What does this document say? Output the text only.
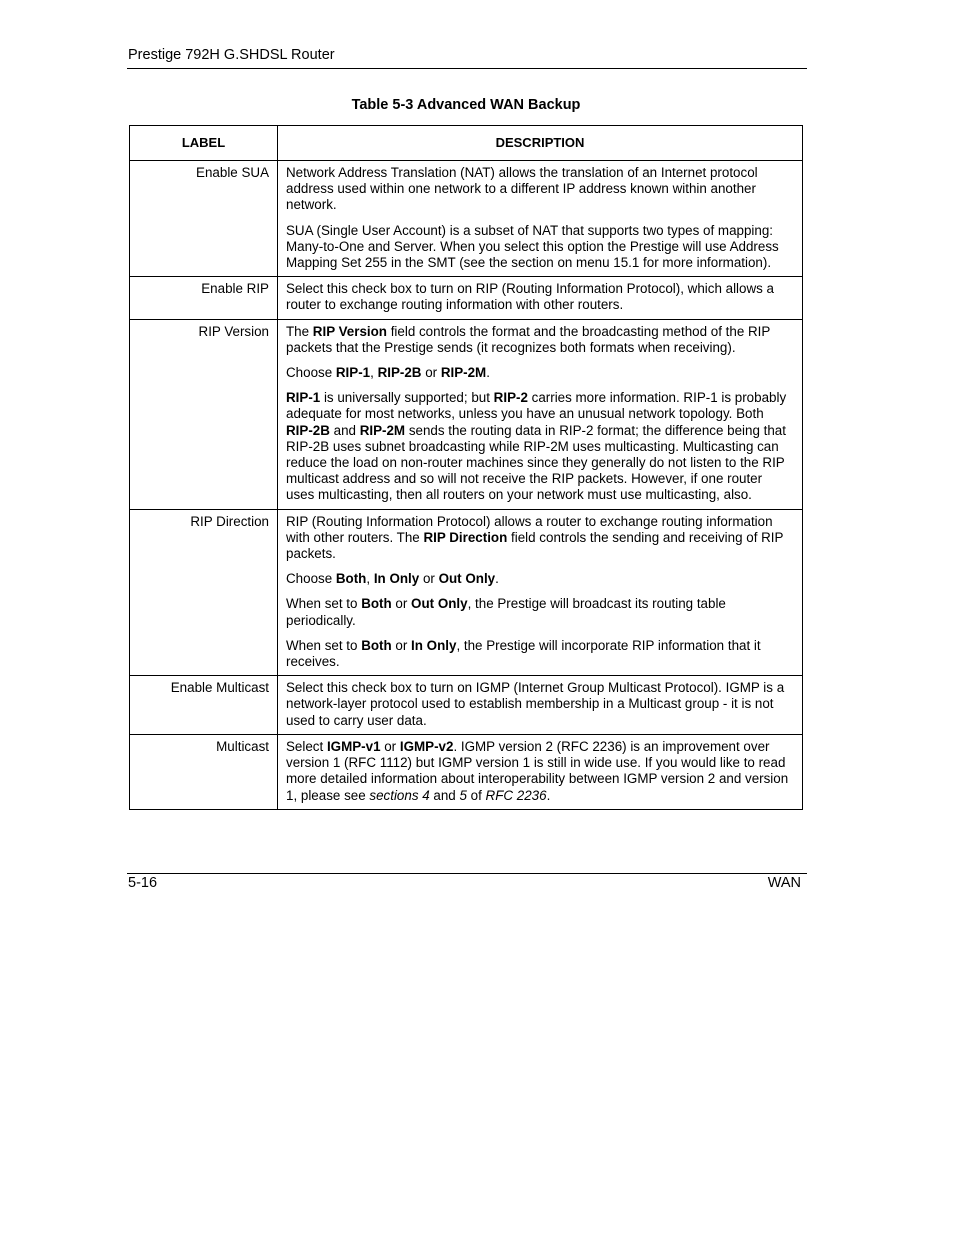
Prestige 792H G.SHDSL Router
Table 5-3 Advanced WAN Backup
LABEL	DESCRIPTION
Enable SUA	Network Address Translation (NAT) allows the translation of an Internet protocol address used within one network to a different IP address known within another network.

SUA (Single User Account) is a subset of NAT that supports two types of mapping: Many-to-One and Server. When you select this option the Prestige will use Address Mapping Set 255 in the SMT (see the section on menu 15.1 for more information).

Enable RIP	Select this check box to turn on RIP (Routing Information Protocol), which allows a router to exchange routing information with other routers.

RIP Version	The RIP Version field controls the format and the broadcasting method of the RIP packets that the Prestige sends (it recognizes both formats when receiving).

Choose RIP-1, RIP-2B or RIP-2M.

RIP-1 is universally supported; but RIP-2 carries more information. RIP-1 is probably adequate for most networks, unless you have an unusual network topology. Both RIP-2B and RIP-2M sends the routing data in RIP-2 format; the difference being that RIP-2B uses subnet broadcasting while RIP-2M uses multicasting. Multicasting can reduce the load on non-router machines since they generally do not listen to the RIP multicast address and so will not receive the RIP packets. However, if one router uses multicasting, then all routers on your network must use multicasting, also.

RIP Direction	RIP (Routing Information Protocol) allows a router to exchange routing information with other routers. The RIP Direction field controls the sending and receiving of RIP packets.

Choose Both, In Only or Out Only.

When set to Both or Out Only, the Prestige will broadcast its routing table periodically.

When set to Both or In Only, the Prestige will incorporate RIP information that it receives.

Enable Multicast	Select this check box to turn on IGMP (Internet Group Multicast Protocol). IGMP is a network-layer protocol used to establish membership in a Multicast group - it is not used to carry user data.

Multicast	Select IGMP-v1 or IGMP-v2. IGMP version 2 (RFC 2236) is an improvement over version 1 (RFC 1112) but IGMP version 1 is still in wide use. If you would like to read more detailed information about interoperability between IGMP version 2 and version 1, please see sections 4 and 5 of RFC 2236.

5-16	WAN
